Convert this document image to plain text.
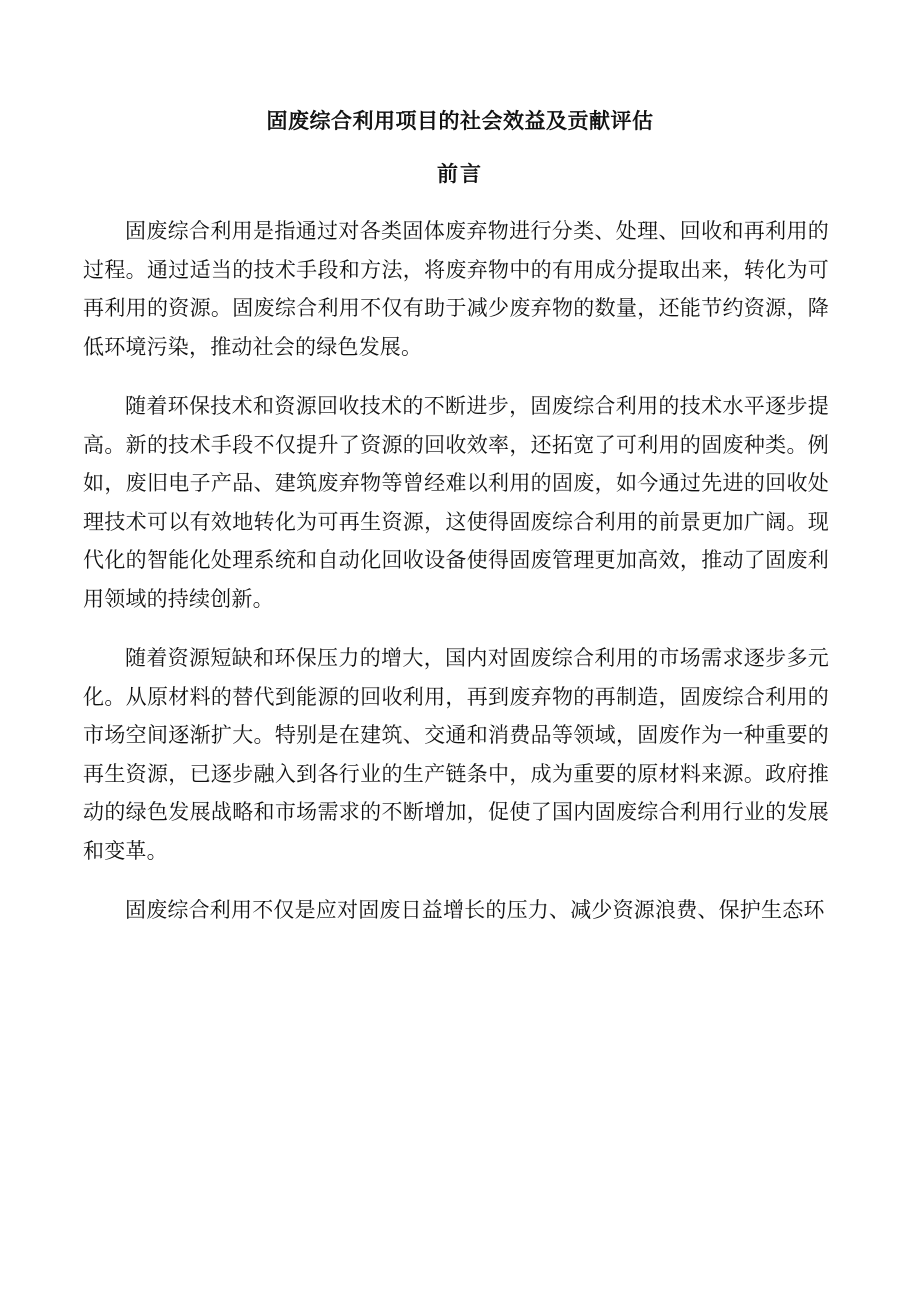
固废综合利用项目的社会效益及贡献评估
前言

固废综合利用是指通过对各类固体废弃物进行分类、处理、回收和再利用的过程。通过适当的技术手段和方法，将废弃物中的有用成分提取出来，转化为可再利用的资源。固废综合利用不仅有助于减少废弃物的数量，还能节约资源，降低环境污染，推动社会的绿色发展。

随着环保技术和资源回收技术的不断进步，固废综合利用的技术水平逐步提高。新的技术手段不仅提升了资源的回收效率，还拓宽了可利用的固废种类。例如，废旧电子产品、建筑废弃物等曾经难以利用的固废，如今通过先进的回收处理技术可以有效地转化为可再生资源，这使得固废综合利用的前景更加广阔。现代化的智能化处理系统和自动化回收设备使得固废管理更加高效，推动了固废利用领域的持续创新。

随着资源短缺和环保压力的增大，国内对固废综合利用的市场需求逐步多元化。从原材料的替代到能源的回收利用，再到废弃物的再制造，固废综合利用的市场空间逐渐扩大。特别是在建筑、交通和消费品等领域，固废作为一种重要的再生资源，已逐步融入到各行业的生产链条中，成为重要的原材料来源。政府推动的绿色发展战略和市场需求的不断增加，促使了国内固废综合利用行业的发展和变革。

固废综合利用不仅是应对固废日益增长的压力、减少资源浪费、保护生态环
